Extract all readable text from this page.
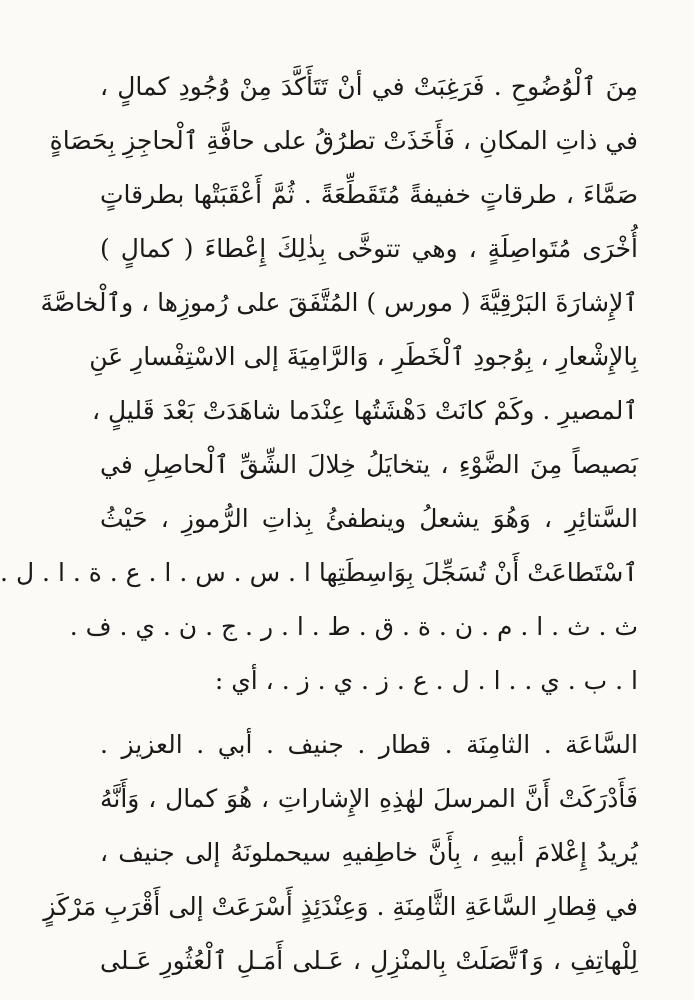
مِنَ ٱلْوُضُوحِ . فَرَغِبَتْ في أنْ تَتَأَكَّدَ مِنْ وُجُودِ كمالٍ ،
في ذاتِ المكانِ ، فَأَخَذَتْ تطرُقُ على حافَّةِ ٱلْحاجِزِ بِحَصَاةٍ
صَمَّاءَ ، طرقاتٍ خفيفةً مُتَقَطِّعَةً . ثُمَّ أَعْقَبَتْها بطرقاتٍ
أُخْرَى مُتَواصِلَةٍ ، وهي تتوخَّى بِذٰلِكَ إِعْطاءَ ( كمالٍ )
ٱلإِشارَةَ البَرْقِيَّةَ ( مورس ) المُتَّفَقَ على رُموزِها ، وٱلْخاصَّةَ
بِالإِشْعارِ ، بِوُجودِ ٱلْخَطَرِ ، وَالرَّامِيَةَ إلى الاسْتِفْسارِ عَنِ
ٱلمصيرِ . وكَمْ كانَتْ دَهْشَتُها عِنْدَما شاهَدَتْ بَعْدَ قَليلٍ ،
بَصيصاً مِنَ الضَّوْءِ ، يتخايَلُ خِلالَ الشِّقِّ ٱلْحاصِلِ في
السَّتائِرِ ، وَهُوَ يشعلُ وينطفئُ بِذاتِ الرُّموزِ ، حَيْثُ
ٱسْتَطاعَتْ أَنْ تُسَجِّلَ بِوَاسِطَتِها ا . س . س . ا . ع . ة . ا . ل .
ث . ث . ا . م . ن . ة . ق . ط . ا . ر . ج . ن . ي . ف .
ا . ب . ي . . ا . ل . ع . ز . ي . ز . ، أي :
السَّاعَة . الثامِنَة . قطار . جنيف . أبي . العزيز .
فَأَدْرَكَتْ أَنَّ المرسلَ لهٰذِهِ الإِشاراتِ ، هُوَ كمال ، وَأَنَّهُ
يُريدُ إِعْلامَ أبيهِ ، بِأَنَّ خاطِفيهِ سيحملونَهُ إلى جنيف ،
في قِطارِ السَّاعَةِ الثَّامِنَةِ . وَعِنْدَئِذٍ أَسْرَعَتْ إلى أَقْرَبِ مَرْكَزٍ
لِلْهاتِفِ ، وَٱتَّصَلَتْ بِالمنْزِلِ ، عَـلى أَمَـلِ ٱلْعُثُورِ عَـلى
